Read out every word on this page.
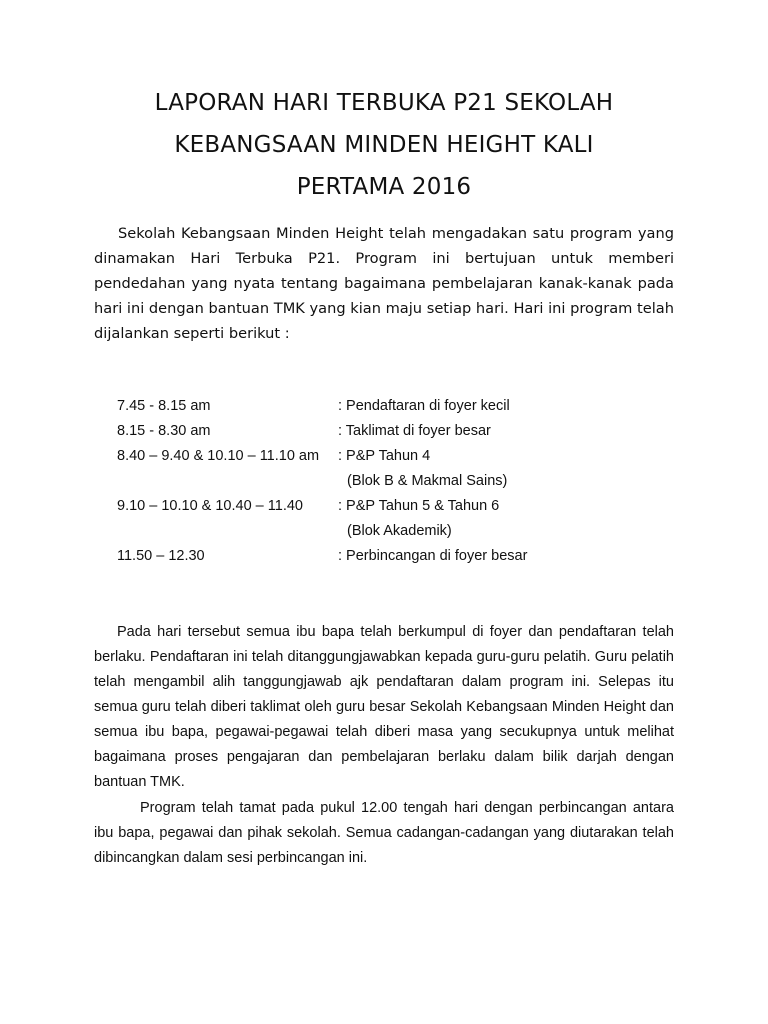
LAPORAN HARI TERBUKA P21 SEKOLAH
KEBANGSAAN MINDEN HEIGHT KALI
PERTAMA 2016

Sekolah Kebangsaan Minden Height telah mengadakan satu program yang dinamakan Hari Terbuka P21. Program ini bertujuan untuk memberi pendedahan yang nyata tentang bagaimana pembelajaran kanak-kanak pada hari ini dengan bantuan TMK yang kian maju setiap hari. Hari ini program telah dijalankan seperti berikut :

7.45 - 8.15 am	: Pendaftaran di foyer kecil
8.15 - 8.30 am	: Taklimat di foyer besar
8.40 – 9.40 & 10.10 – 11.10 am : P&P Tahun 4
(Blok B & Makmal Sains)
9.10 – 10.10 & 10.40 – 11.40 : P&P Tahun 5 & Tahun 6
(Blok Akademik)
11.50 – 12.30	: Perbincangan di foyer besar

Pada hari tersebut semua ibu bapa telah berkumpul di foyer dan pendaftaran telah berlaku. Pendaftaran ini telah ditanggungjawabkan kepada guru-guru pelatih. Guru pelatih telah mengambil alih tanggungjawab ajk pendaftaran dalam program ini. Selepas itu semua guru telah diberi taklimat oleh guru besar Sekolah Kebangsaan Minden Height dan semua ibu bapa, pegawai-pegawai telah diberi masa yang secukupnya untuk melihat bagaimana proses pengajaran dan pembelajaran berlaku dalam bilik darjah dengan bantuan TMK.

Program telah tamat pada pukul 12.00 tengah hari dengan perbincangan antara ibu bapa, pegawai dan pihak sekolah. Semua cadangan-cadangan yang diutarakan telah dibincangkan dalam sesi perbincangan ini.
